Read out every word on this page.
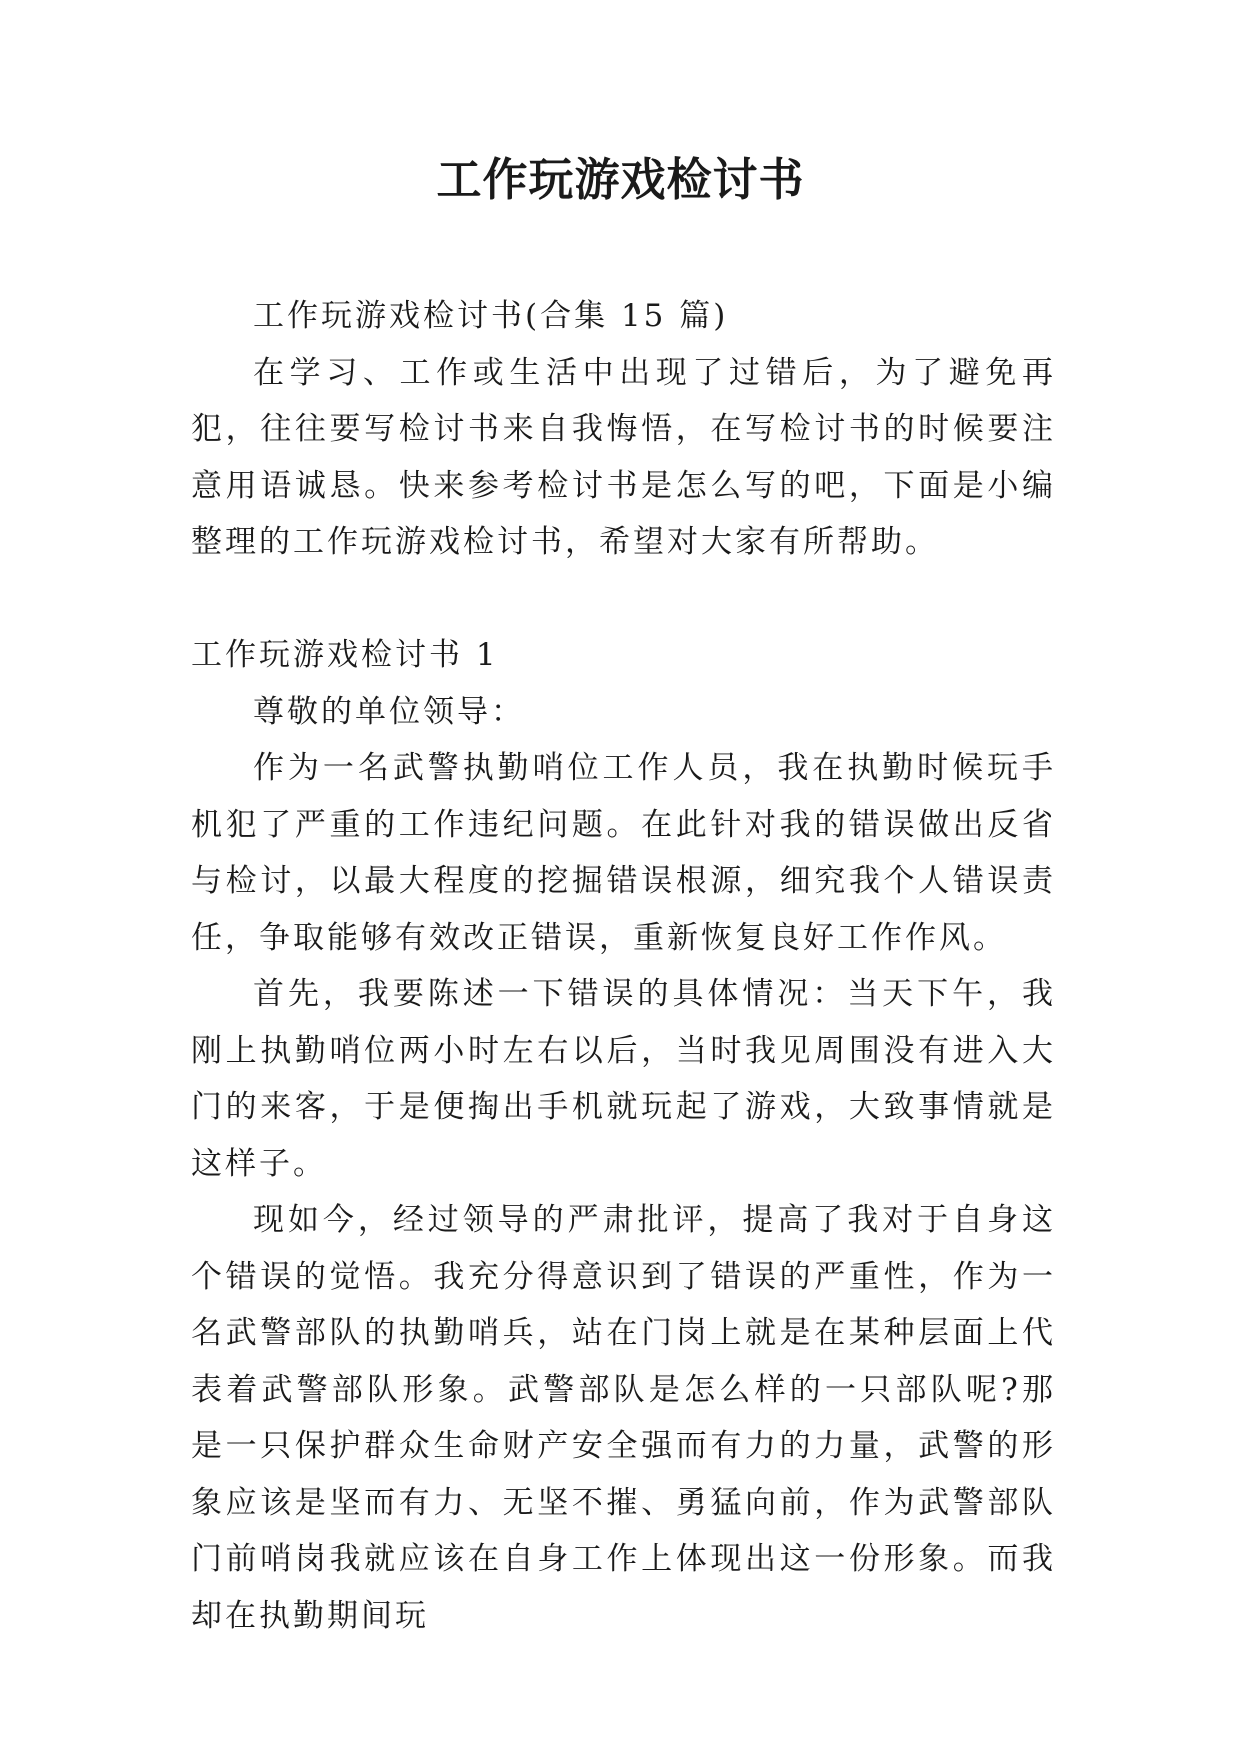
工作玩游戏检讨书

工作玩游戏检讨书(合集 15 篇)

在学习、工作或生活中出现了过错后，为了避免再犯，往往要写检讨书来自我悔悟，在写检讨书的时候要注意用语诚恳。快来参考检讨书是怎么写的吧，下面是小编整理的工作玩游戏检讨书，希望对大家有所帮助。

工作玩游戏检讨书 1

尊敬的单位领导：

作为一名武警执勤哨位工作人员，我在执勤时候玩手机犯了严重的工作违纪问题。在此针对我的错误做出反省与检讨，以最大程度的挖掘错误根源，细究我个人错误责任，争取能够有效改正错误，重新恢复良好工作作风。

首先，我要陈述一下错误的具体情况：当天下午，我刚上执勤哨位两小时左右以后，当时我见周围没有进入大门的来客，于是便掏出手机就玩起了游戏，大致事情就是这样子。

现如今，经过领导的严肃批评，提高了我对于自身这个错误的觉悟。我充分得意识到了错误的严重性，作为一名武警部队的执勤哨兵，站在门岗上就是在某种层面上代表着武警部队形象。武警部队是怎么样的一只部队呢?那是一只保护群众生命财产安全强而有力的力量，武警的形象应该是坚而有力、无坚不摧、勇猛向前，作为武警部队门前哨岗我就应该在自身工作上体现出这一份形象。而我却在执勤期间玩
